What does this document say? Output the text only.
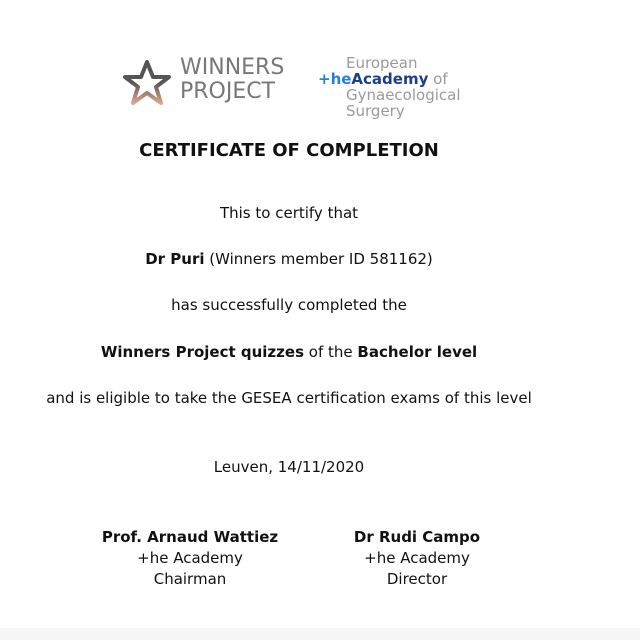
WINNERS
PROJECT
European
+heAcademy of
Gynaecological
Surgery
CERTIFICATE OF COMPLETION
This to certify that
Dr Puri (Winners member ID 581162)
has successfully completed the
Winners Project quizzes of the Bachelor level
and is eligible to take the GESEA certification exams of this level
Leuven, 14/11/2020
Prof. Arnaud Wattiez
+he Academy
Chairman
Dr Rudi Campo
+he Academy
Director
